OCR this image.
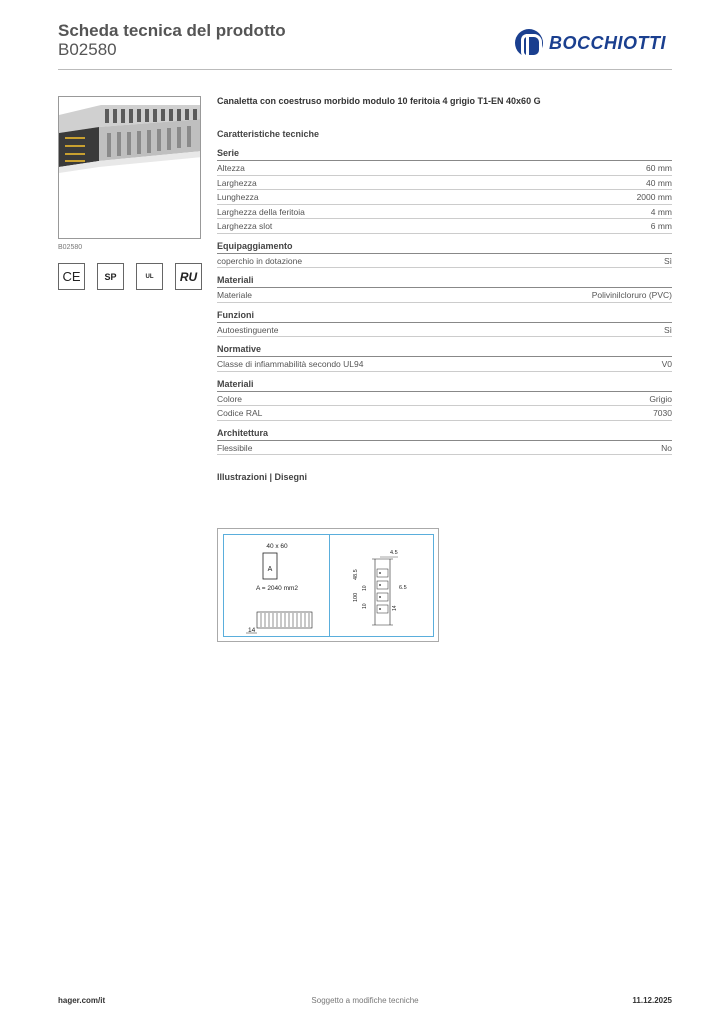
Scheda tecnica del prodotto
B02580	BOCCHIOTTI
B02580
CE	SP	UL	RU
Canaletta con coestruso morbido modulo 10 feritoia 4 grigio T1-EN 40x60 G
Caratteristiche tecniche
Serie
Altezza	60 mm
Larghezza	40 mm
Lunghezza	2000 mm
Larghezza della feritoia	4 mm
Larghezza slot	6 mm
Equipaggiamento
coperchio in dotazione	Sì
Materiali
Materiale	Polivinilcloruro (PVC)
Funzioni
Autoestinguente	Sì
Normative
Classe di infiammabilità secondo UL94	V0
Materiali
Colore	Grigio
Codice RAL	7030
Architettura
Flessibile	No
Illustrazioni | Disegni
40 x 60
A
A = 2040 mm2
14
4.5
48.5
100
10
10	6.5
14
Soggetto a modifiche tecniche
hager.com/it	11.12.2025
